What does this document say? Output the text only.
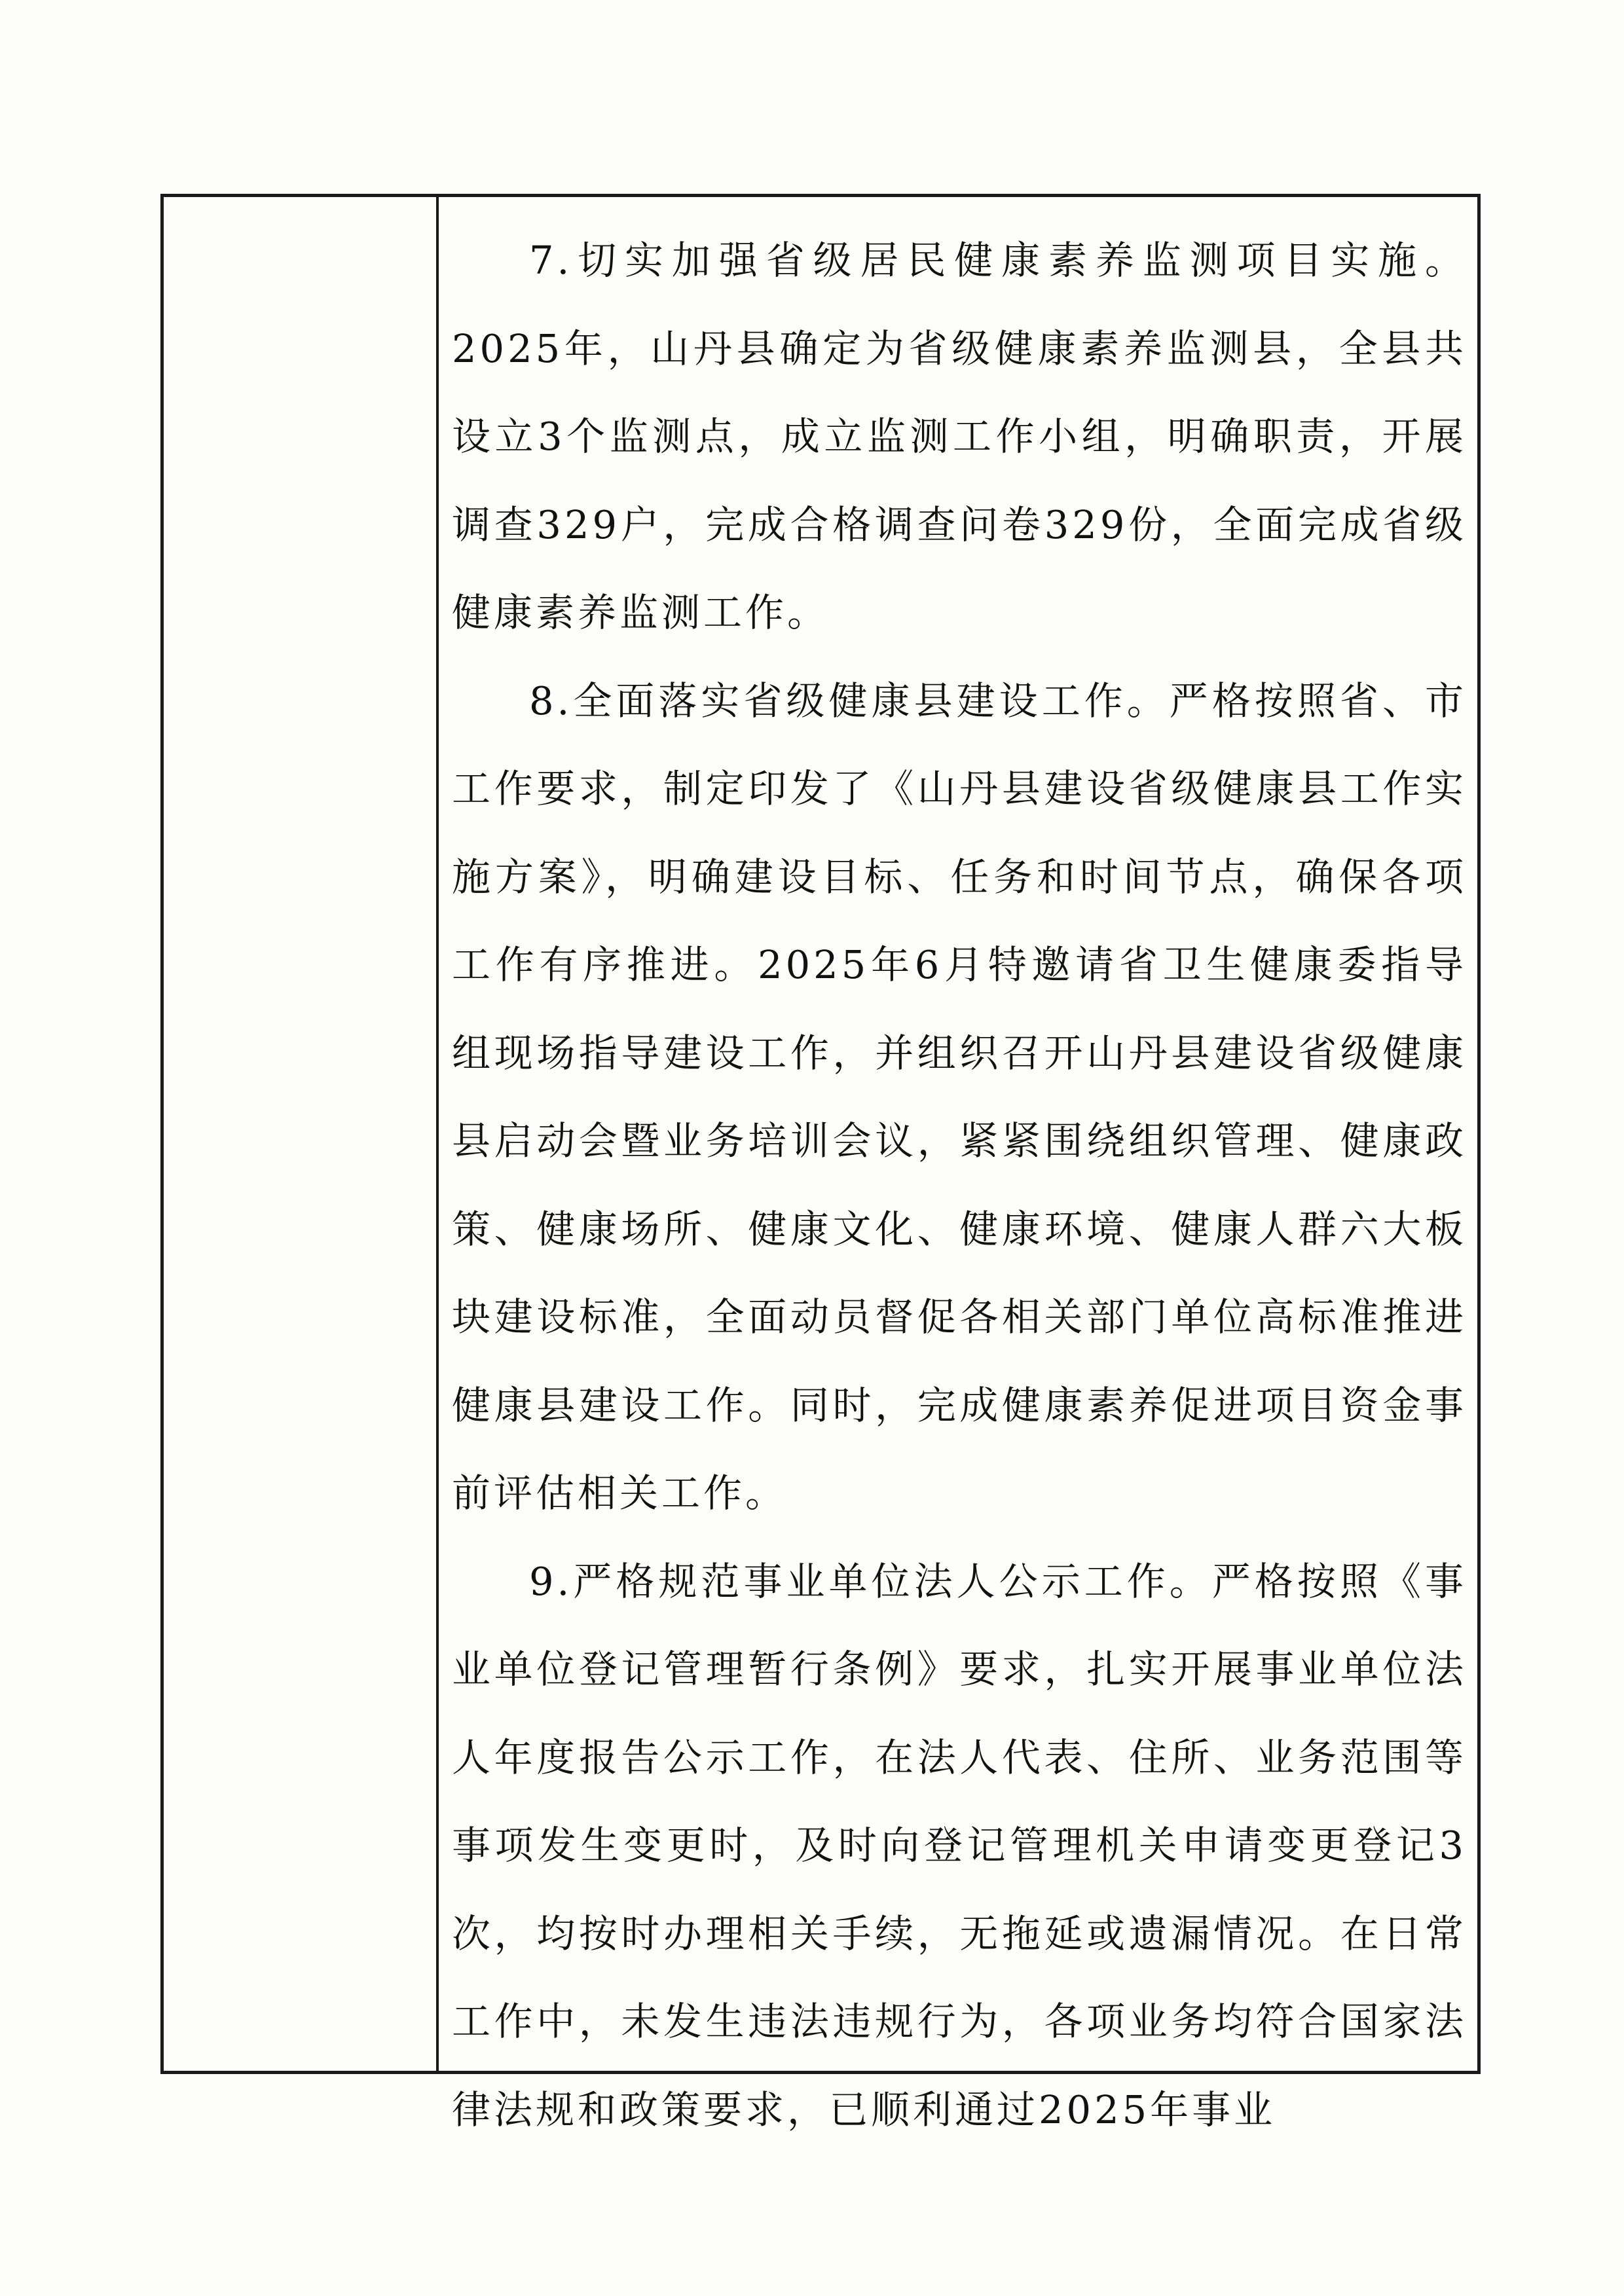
7.切实加强省级居民健康素养监测项目实施。2025年，山丹县确定为省级健康素养监测县，全县共设立3个监测点，成立监测工作小组，明确职责，开展调查329户，完成合格调查问卷329份，全面完成省级健康素养监测工作。

8.全面落实省级健康县建设工作。严格按照省、市工作要求，制定印发了《山丹县建设省级健康县工作实施方案》，明确建设目标、任务和时间节点，确保各项工作有序推进。2025年6月特邀请省卫生健康委指导组现场指导建设工作，并组织召开山丹县建设省级健康县启动会暨业务培训会议，紧紧围绕组织管理、健康政策、健康场所、健康文化、健康环境、健康人群六大板块建设标准，全面动员督促各相关部门单位高标准推进健康县建设工作。同时，完成健康素养促进项目资金事前评估相关工作。

9.严格规范事业单位法人公示工作。严格按照《事业单位登记管理暂行条例》要求，扎实开展事业单位法人年度报告公示工作，在法人代表、住所、业务范围等事项发生变更时，及时向登记管理机关申请变更登记3次，均按时办理相关手续，无拖延或遗漏情况。在日常工作中，未发生违法违规行为，各项业务均符合国家法律法规和政策要求，已顺利通过2025年事业
